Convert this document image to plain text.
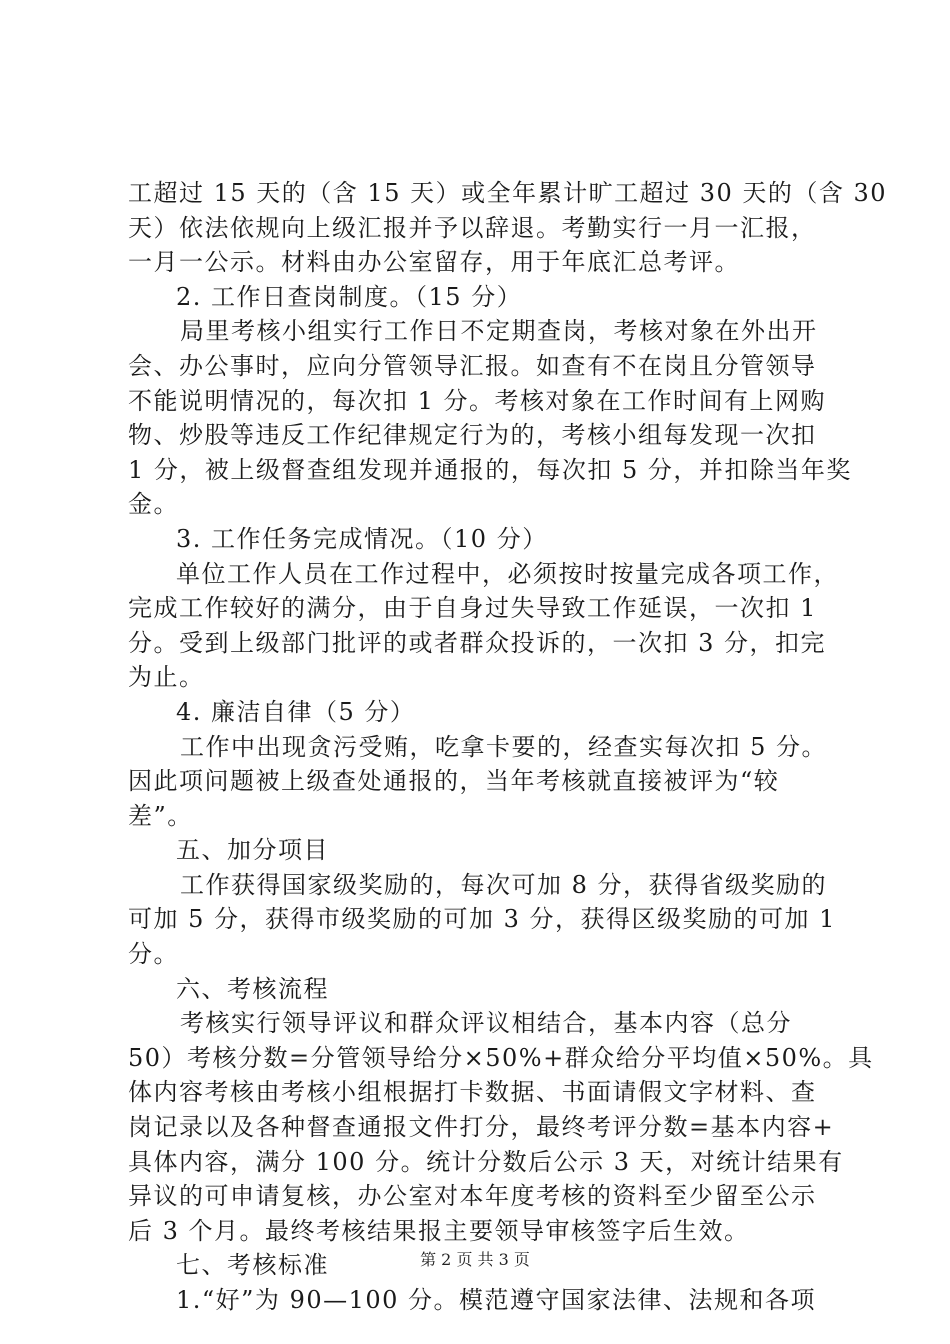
工超过 15 天的（含 15 天）或全年累计旷工超过 30 天的（含 30
天）依法依规向上级汇报并予以辞退。考勤实行一月一汇报，
一月一公示。材料由办公室留存，用于年底汇总考评。
2. 工作日查岗制度。（15 分）
局里考核小组实行工作日不定期查岗，考核对象在外出开
会、办公事时，应向分管领导汇报。如查有不在岗且分管领导
不能说明情况的，每次扣 1 分。考核对象在工作时间有上网购
物、炒股等违反工作纪律规定行为的，考核小组每发现一次扣
1 分，被上级督查组发现并通报的，每次扣 5 分，并扣除当年奖
金。
3. 工作任务完成情况。（10 分）
单位工作人员在工作过程中，必须按时按量完成各项工作，
完成工作较好的满分，由于自身过失导致工作延误，一次扣 1
分。受到上级部门批评的或者群众投诉的，一次扣 3 分，扣完
为止。
4. 廉洁自律（5 分）
工作中出现贪污受贿，吃拿卡要的，经查实每次扣 5 分。
因此项问题被上级查处通报的，当年考核就直接被评为“较
差”。
五、加分项目
工作获得国家级奖励的，每次可加 8 分，获得省级奖励的
可加 5 分，获得市级奖励的可加 3 分，获得区级奖励的可加 1
分。
六、考核流程
考核实行领导评议和群众评议相结合，基本内容（总分
50）考核分数=分管领导给分×50%+群众给分平均值×50%。具
体内容考核由考核小组根据打卡数据、书面请假文字材料、查
岗记录以及各种督查通报文件打分，最终考评分数=基本内容+
具体内容，满分 100 分。统计分数后公示 3 天，对统计结果有
异议的可申请复核，办公室对本年度考核的资料至少留至公示
后 3 个月。最终考核结果报主要领导审核签字后生效。
七、考核标准
1.“好”为 90—100 分。模范遵守国家法律、法规和各项
第 2 页 共 3 页
